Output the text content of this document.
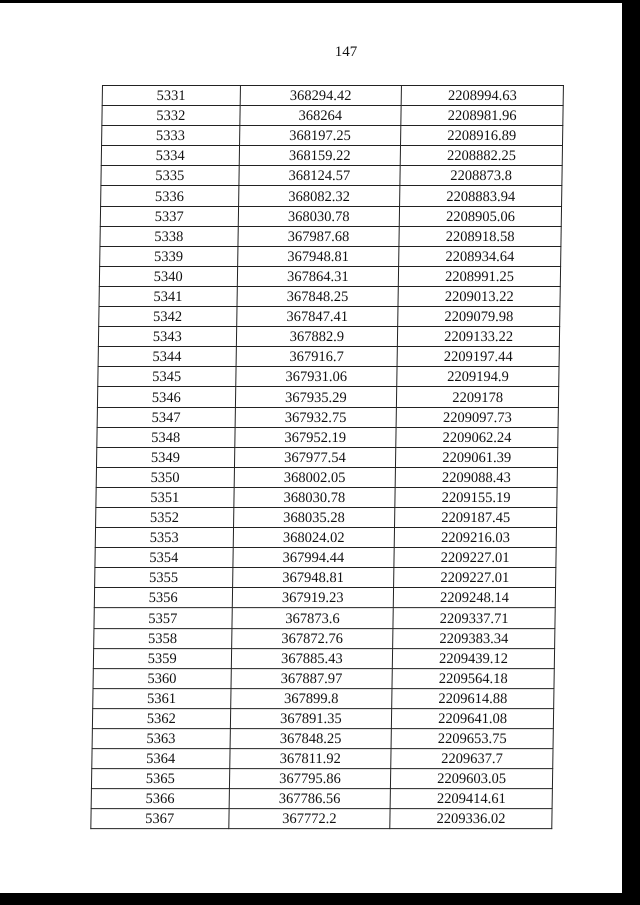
147
5331	368294.42	2208994.63
5332	368264	2208981.96
5333	368197.25	2208916.89
5334	368159.22	2208882.25
5335	368124.57	2208873.8
5336	368082.32	2208883.94
5337	368030.78	2208905.06
5338	367987.68	2208918.58
5339	367948.81	2208934.64
5340	367864.31	2208991.25
5341	367848.25	2209013.22
5342	367847.41	2209079.98
5343	367882.9	2209133.22
5344	367916.7	2209197.44
5345	367931.06	2209194.9
5346	367935.29	2209178
5347	367932.75	2209097.73
5348	367952.19	2209062.24
5349	367977.54	2209061.39
5350	368002.05	2209088.43
5351	368030.78	2209155.19
5352	368035.28	2209187.45
5353	368024.02	2209216.03
5354	367994.44	2209227.01
5355	367948.81	2209227.01
5356	367919.23	2209248.14
5357	367873.6	2209337.71
5358	367872.76	2209383.34
5359	367885.43	2209439.12
5360	367887.97	2209564.18
5361	367899.8	2209614.88
5362	367891.35	2209641.08
5363	367848.25	2209653.75
5364	367811.92	2209637.7
5365	367795.86	2209603.05
5366	367786.56	2209414.61
5367	367772.2	2209336.02
